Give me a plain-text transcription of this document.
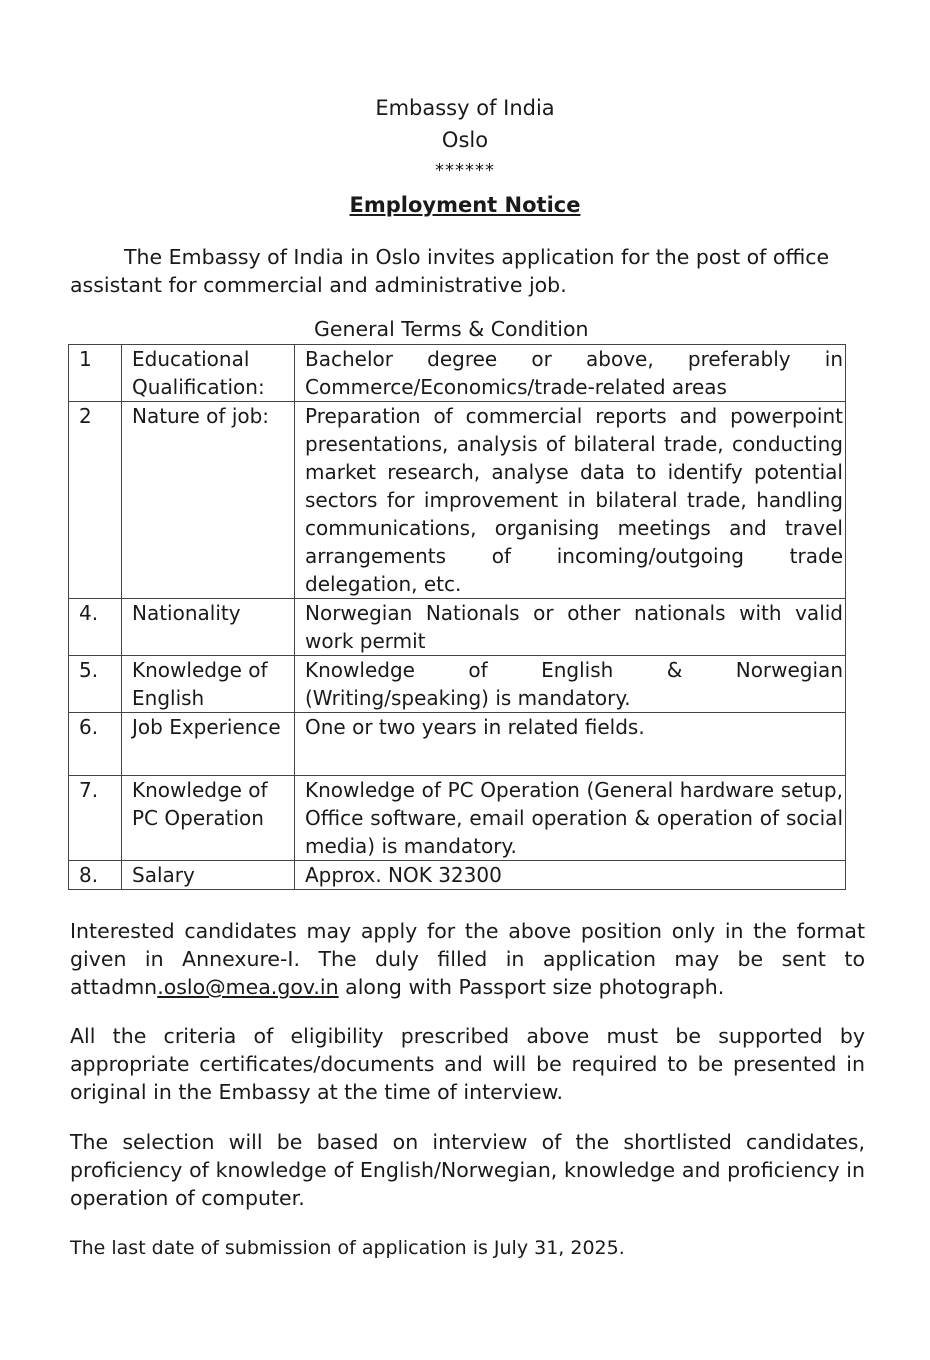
Embassy of India
Oslo
******
Employment Notice
The Embassy of India in Oslo invites application for the post of office assistant for commercial and administrative job.
General Terms & Condition
1	Educational Qualification:	Bachelor degree or above, preferably in Commerce/Economics/trade-related areas
2	Nature of job:	Preparation of commercial reports and powerpoint presentations, analysis of bilateral trade, conducting market research, analyse data to identify potential sectors for improvement in bilateral trade, handling communications, organising meetings and travel arrangements of incoming/outgoing trade delegation, etc.
4.	Nationality	Norwegian Nationals or other nationals with valid work permit
5.	Knowledge of English	Knowledge of English & Norwegian (Writing/speaking) is mandatory.
6.	Job Experience	One or two years in related fields.
7.	Knowledge of PC Operation	Knowledge of PC Operation (General hardware setup, Office software, email operation & operation of social media) is mandatory.
8.	Salary	Approx. NOK 32300
Interested candidates may apply for the above position only in the format given in Annexure-I. The duly filled in application may be sent to attadmn.oslo@mea.gov.in along with Passport size photograph.
All the criteria of eligibility prescribed above must be supported by appropriate certificates/documents and will be required to be presented in original in the Embassy at the time of interview.
The selection will be based on interview of the shortlisted candidates, proficiency of knowledge of English/Norwegian, knowledge and proficiency in operation of computer.
The last date of submission of application is July 31, 2025.
